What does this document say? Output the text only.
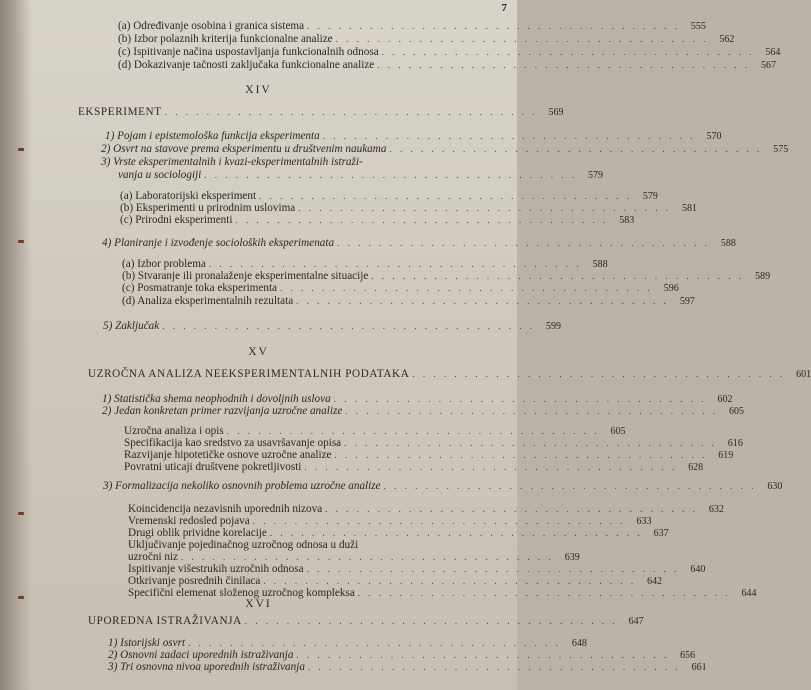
7
XIV
XV
XVI
(a) Određivanje osobina i granica sistema . . . . . . . . . . . . . . . . . . . . . . . . . . . . . . . . . . . .	555
(b) Izbor polaznih kriterija funkcionalne analize . . . . . . . . . . . . . . . . . . . . . . . . . . . . . . . . . . . .	562
(c) Ispitivanje načina uspostavljanja funkcionalnih odnosa . . . . . . . . . . . . . . . . . . . . . . . . . . . . . . . . . . . .	564
(d) Dokazivanje tačnosti zaključaka funkcionalne analize . . . . . . . . . . . . . . . . . . . . . . . . . . . . . . . . . . . .	567
EKSPERIMENT . . . . . . . . . . . . . . . . . . . . . . . . . . . . . . . . . . . .	569
1) Pojam i epistemološka funkcija eksperimenta . . . . . . . . . . . . . . . . . . . . . . . . . . . . . . . . . . . .	570
2) Osvrt na stavove prema eksperimentu u društvenim naukama . . . . . . . . . . . . . . . . . . . . . . . . . . . . . . . . . . . .	575
3) Vrste eksperimentalnih i kvazi-eksperimentalnih istraži-
vanja u sociologiji . . . . . . . . . . . . . . . . . . . . . . . . . . . . . . . . . . . .	579
(a) Laboratorijski eksperiment . . . . . . . . . . . . . . . . . . . . . . . . . . . . . . . . . . . .	579
(b) Eksperimenti u prirodnim uslovima . . . . . . . . . . . . . . . . . . . . . . . . . . . . . . . . . . . .	581
(c) Prirodni eksperimenti . . . . . . . . . . . . . . . . . . . . . . . . . . . . . . . . . . . .	583
4) Planiranje i izvođenje socioloških eksperimenata . . . . . . . . . . . . . . . . . . . . . . . . . . . . . . . . . . . .	588
(a) Izbor problema . . . . . . . . . . . . . . . . . . . . . . . . . . . . . . . . . . . .	588
(b) Stvaranje ili pronalaženje eksperimentalne situacije . . . . . . . . . . . . . . . . . . . . . . . . . . . . . . . . . . . .	589
(c) Posmatranje toka eksperimenta . . . . . . . . . . . . . . . . . . . . . . . . . . . . . . . . . . . .	596
(d) Analiza eksperimentalnih rezultata . . . . . . . . . . . . . . . . . . . . . . . . . . . . . . . . . . . .	597
5) Zaključak . . . . . . . . . . . . . . . . . . . . . . . . . . . . . . . . . . . .	599
UZROČNA ANALIZA NEEKSPERIMENTALNIH PODATAKA . . . . . . . . . . . . . . . . . . . . . . . . . . . . . . . . . . . .	601
1) Statistička shema neophodnih i dovoljnih uslova . . . . . . . . . . . . . . . . . . . . . . . . . . . . . . . . . . . .	602
2) Jedan konkretan primer razvijanja uzročne analize . . . . . . . . . . . . . . . . . . . . . . . . . . . . . . . . . . . .	605
Uzročna analiza i opis . . . . . . . . . . . . . . . . . . . . . . . . . . . . . . . . . . . .	605
Specifikacija kao sredstvo za usavršavanje opisa . . . . . . . . . . . . . . . . . . . . . . . . . . . . . . . . . . . .	616
Razvijanje hipotetičke osnove uzročne analize . . . . . . . . . . . . . . . . . . . . . . . . . . . . . . . . . . . .	619
Povratni uticaji društvene pokretljivosti . . . . . . . . . . . . . . . . . . . . . . . . . . . . . . . . . . . .	628
3) Formalizacija nekoliko osnovnih problema uzročne analize . . . . . . . . . . . . . . . . . . . . . . . . . . . . . . . . . . . .	630
Koincidencija nezavisnih uporednih nizova . . . . . . . . . . . . . . . . . . . . . . . . . . . . . . . . . . . .	632
Vremenski redosled pojava . . . . . . . . . . . . . . . . . . . . . . . . . . . . . . . . . . . .	633
Drugi oblik prividne korelacije . . . . . . . . . . . . . . . . . . . . . . . . . . . . . . . . . . . .	637
Uključivanje pojedinačnog uzročnog odnosa u duži
uzročni niz . . . . . . . . . . . . . . . . . . . . . . . . . . . . . . . . . . . .	639
Ispitivanje višestrukih uzročnih odnosa . . . . . . . . . . . . . . . . . . . . . . . . . . . . . . . . . . . .	640
Otkrivanje posrednih činilaca . . . . . . . . . . . . . . . . . . . . . . . . . . . . . . . . . . . .	642
Specifični elemenat složenog uzročnog kompleksa . . . . . . . . . . . . . . . . . . . . . . . . . . . . . . . . . . . .	644
UPOREDNA ISTRAŽIVANJA . . . . . . . . . . . . . . . . . . . . . . . . . . . . . . . . . . . .	647
1) Istorijski osvrt . . . . . . . . . . . . . . . . . . . . . . . . . . . . . . . . . . . .	648
2) Osnovni zadaci uporednih istraživanja . . . . . . . . . . . . . . . . . . . . . . . . . . . . . . . . . . . .	656
3) Tri osnovna nivoa uporednih istraživanja . . . . . . . . . . . . . . . . . . . . . . . . . . . . . . . . . . . .	661
